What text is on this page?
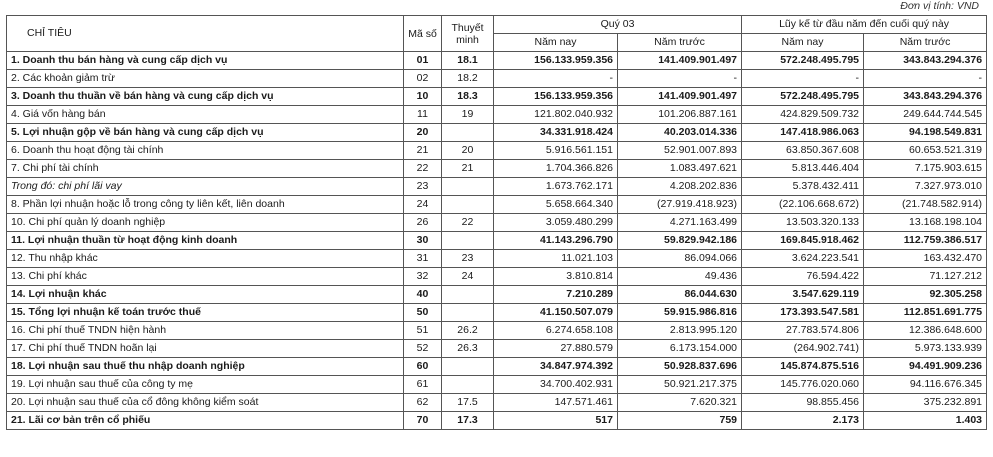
Đơn vị tính: VND
CHỈ TIÊU	Mã số	Thuyết minh	Quý 03		Lũy kế từ đầu năm đến cuối quý này	
			Năm nay	Năm trước	Năm nay	Năm trước
1. Doanh thu bán hàng và cung cấp dịch vụ	01	18.1	156.133.959.356	141.409.901.497	572.248.495.795	343.843.294.376
2. Các khoản giảm trừ	02	18.2	-	-	-	-
3. Doanh thu thuần về bán hàng và cung cấp dịch vụ	10	18.3	156.133.959.356	141.409.901.497	572.248.495.795	343.843.294.376
4. Giá vốn hàng bán	11	19	121.802.040.932	101.206.887.161	424.829.509.732	249.644.744.545
5. Lợi nhuận gộp về bán hàng và cung cấp dịch vụ	20		34.331.918.424	40.203.014.336	147.418.986.063	94.198.549.831
6. Doanh thu hoạt động tài chính	21	20	5.916.561.151	52.901.007.893	63.850.367.608	60.653.521.319
7. Chi phí tài chính	22	21	1.704.366.826	1.083.497.621	5.813.446.404	7.175.903.615
Trong đó: chi phí lãi vay	23		1.673.762.171	4.208.202.836	5.378.432.411	7.327.973.010
8. Phần lợi nhuận hoặc lỗ trong công ty liên kết, liên doanh	24		5.658.664.340	(27.919.418.923)	(22.106.668.672)	(21.748.582.914)
10. Chi phí quản lý doanh nghiệp	26	22	3.059.480.299	4.271.163.499	13.503.320.133	13.168.198.104
11. Lợi nhuận thuần từ hoạt động kinh doanh	30		41.143.296.790	59.829.942.186	169.845.918.462	112.759.386.517
12. Thu nhập khác	31	23	11.021.103	86.094.066	3.624.223.541	163.432.470
13. Chi phí khác	32	24	3.810.814	49.436	76.594.422	71.127.212
14. Lợi nhuận khác	40		7.210.289	86.044.630	3.547.629.119	92.305.258
15. Tổng lợi nhuận kế toán trước thuế	50		41.150.507.079	59.915.986.816	173.393.547.581	112.851.691.775
16. Chi phí thuế TNDN hiện hành	51	26.2	6.274.658.108	2.813.995.120	27.783.574.806	12.386.648.600
17. Chi phí thuế TNDN hoãn lại	52	26.3	27.880.579	6.173.154.000	(264.902.741)	5.973.133.939
18. Lợi nhuận sau thuế thu nhập doanh nghiệp	60		34.847.974.392	50.928.837.696	145.874.875.516	94.491.909.236
19. Lợi nhuận sau thuế của công ty mẹ	61		34.700.402.931	50.921.217.375	145.776.020.060	94.116.676.345
20. Lợi nhuận sau thuế của cổ đông không kiểm soát	62	17.5	147.571.461	7.620.321	98.855.456	375.232.891
21. Lãi cơ bản trên cổ phiếu	70	17.3	517	759	2.173	1.403
